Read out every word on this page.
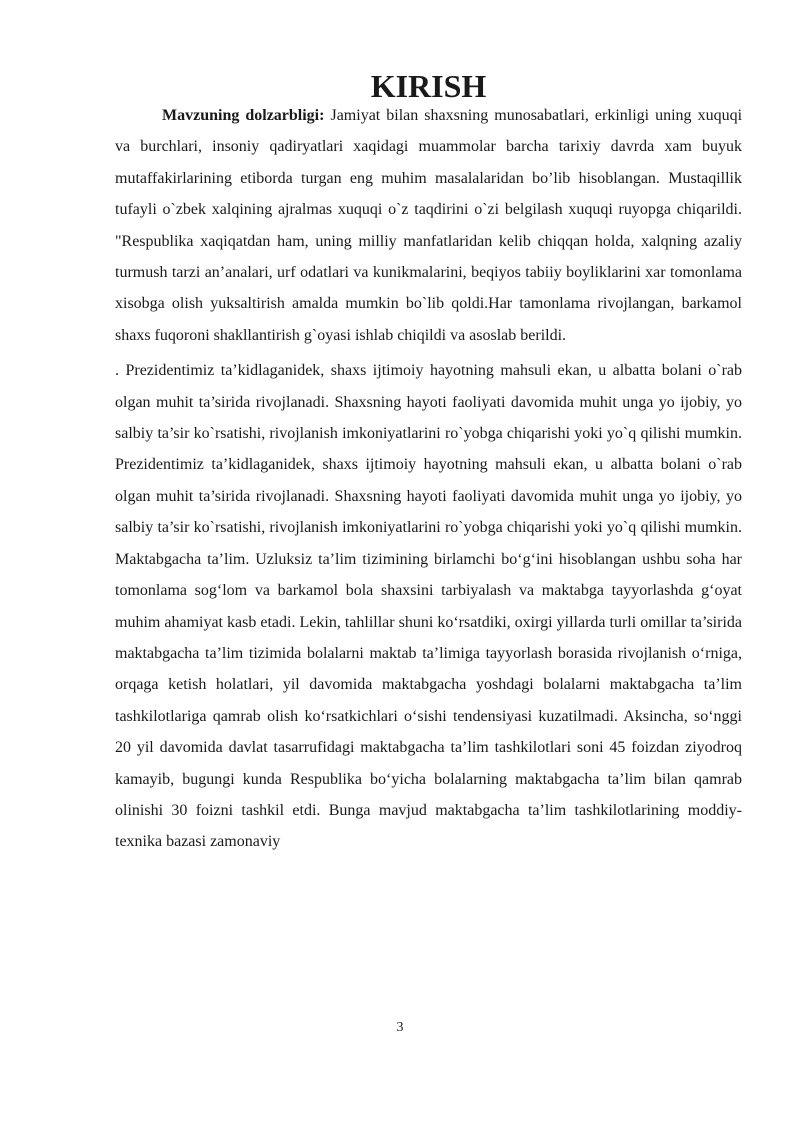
KIRISH

Mavzuning dolzarbligi: Jamiyat bilan shaxsning munosabatlari, erkinligi uning xuquqi va burchlari, insoniy qadiryatlari xaqidagi muammolar barcha tarixiy davrda xam buyuk mutaffakirlarining etiborda turgan eng muhim masalalaridan bo’lib hisoblangan. Mustaqillik tufayli o`zbek xalqining ajralmas xuquqi o`z taqdirini o`zi belgilash xuquqi ruyopga chiqarildi. "Respublika xaqiqatdan ham, uning milliy manfatlaridan kelib chiqqan holda, xalqning azaliy turmush tarzi an’analari, urf odatlari va kunikmalarini, beqiyos tabiiy boyliklarini xar tomonlama xisobga olish yuksaltirish amalda mumkin bo`lib qoldi.Har tamonlama rivojlangan, barkamol shaxs fuqoroni shakllantirish g`oyasi ishlab chiqildi va asoslab berildi.

. Prezidentimiz ta’kidlaganidek, shaxs ijtimoiy hayotning mahsuli ekan, u albatta bolani o`rab olgan muhit ta’sirida rivojlanadi. Shaxsning hayoti faoliyati davomida muhit unga yo ijobiy, yo salbiy ta’sir ko`rsatishi, rivojlanish imkoniyatlarini ro`yobga chiqarishi yoki yo`q qilishi mumkin. Prezidentimiz ta’kidlaganidek, shaxs ijtimoiy hayotning mahsuli ekan, u albatta bolani o`rab olgan muhit ta’sirida rivojlanadi. Shaxsning hayoti faoliyati davomida muhit unga yo ijobiy, yo salbiy ta’sir ko`rsatishi, rivojlanish imkoniyatlarini ro`yobga chiqarishi yoki yo`q qilishi mumkin. Maktabgacha ta’lim. Uzluksiz ta’lim tizimining birlamchi bo‘g‘ini hisoblangan ushbu soha har tomonlama sog‘lom va barkamol bola shaxsini tarbiyalash va maktabga tayyorlashda g‘oyat muhim ahamiyat kasb etadi. Lekin, tahlillar shuni ko‘rsatdiki, oxirgi yillarda turli omillar ta’sirida maktabgacha ta’lim tizimida bolalarni maktab ta’limiga tayyorlash borasida rivojlanish o‘rniga, orqaga ketish holatlari, yil davomida maktabgacha yoshdagi bolalarni maktabgacha ta’lim tashkilotlariga qamrab olish ko‘rsatkichlari o‘sishi tendensiyasi kuzatilmadi. Aksincha, so‘nggi 20 yil davomida davlat tasarrufidagi maktabgacha ta’lim tashkilotlari soni 45 foizdan ziyodroq kamayib, bugungi kunda Respublika bo‘yicha bolalarning maktabgacha ta’lim bilan qamrab olinishi 30 foizni tashkil etdi. Bunga mavjud maktabgacha ta’lim tashkilotlarining moddiy-texnika bazasi zamonaviy

3
